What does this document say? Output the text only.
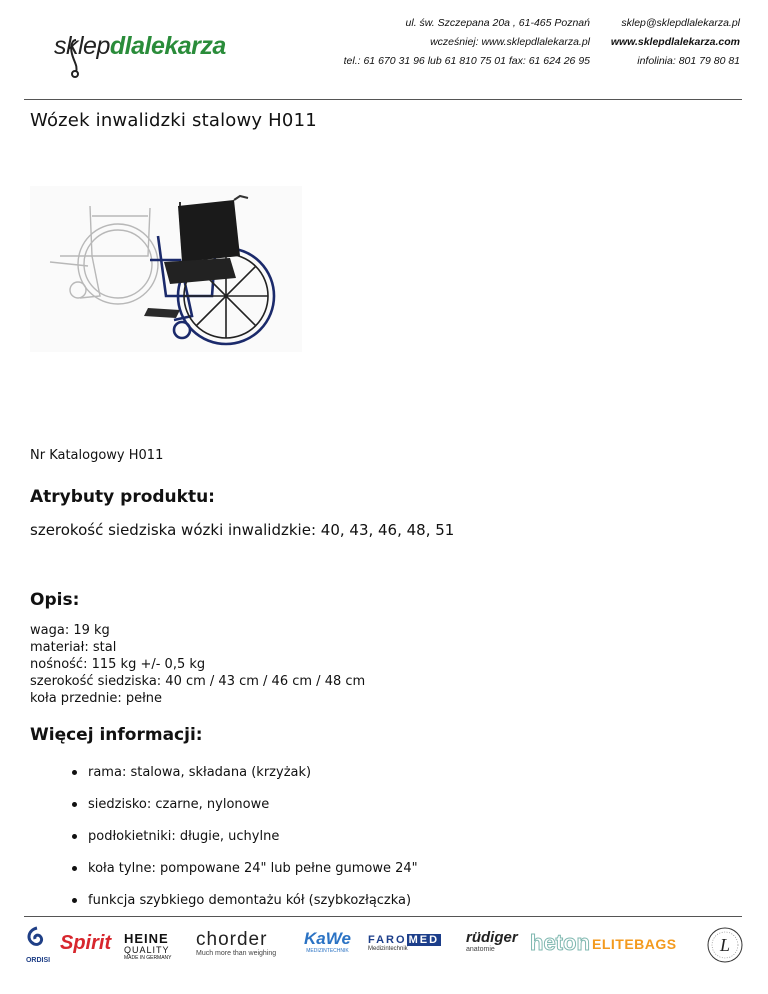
sklepdlalekarza
ul. św. Szczepana 20a , 61-465 Poznań
wcześniej: www.sklepdlalekarza.pl
tel.: 61 670 31 96 lub 61 810 75 01 fax: 61 624 26 95
sklep@sklepdlalekarza.pl
www.sklepdlalekarza.com
infolinia: 801 79 80 81
Wózek inwalidzki stalowy H011
Nr Katalogowy H011
Atrybuty produktu:
szerokość siedziska wózki inwalidzkie: 40, 43, 46, 48, 51
Opis:
waga: 19 kg
materiał: stal
nośność: 115 kg +/- 0,5 kg
szerokość siedziska: 40 cm / 43 cm / 46 cm / 48 cm
koła przednie: pełne
Więcej informacji:
rama: stalowa, składana (krzyżak)
siedzisko: czarne, nylonowe
podłokietniki: długie, uchylne
koła tylne: pompowane 24" lub pełne gumowe 24"
funkcja szybkiego demontażu kół (szybkozłączka)
ORDISI
Spirit HEINE
QUALITY
MADE IN GERMANY
chorder
Much more than weighing
KaWe
MEDIZINTECHNIK
FARO MED
Medizintechnik
rüdiger
anatomie	heton ELITEBAGS L
